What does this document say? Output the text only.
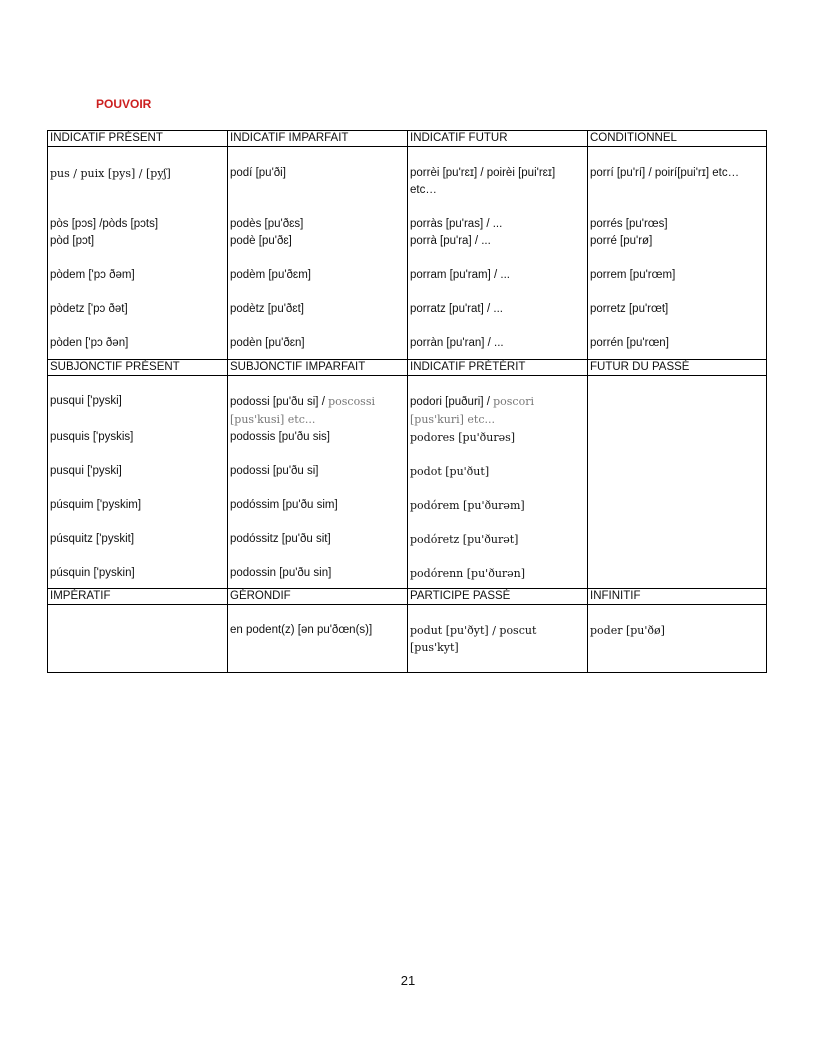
POUVOIR
INDICATIF PRÉSENT	INDICATIF IMPARFAIT	INDICATIF FUTUR	CONDITIONNEL
pus / puix [pys] / [pyʃ]	podí [pu'ði]	porrèi [pu'rɛɪ] / poirèi [pui'rɛɪ] etc…	porrí [pu'rí] / poirí[pui'rɪ] etc…
pòs [pɔs] /pòds [pɔts]	podès [pu'ðɛs]	porràs [pu'ras] / ...	porrés [pu'rœs]
pòd [pɔt]	podè [pu'ðɛ]	porrà [pu'ra] / ...	porré [pu'rø]
pòdem ['pɔ ðəm]	podèm [pu'ðɛm]	porram [pu'ram] / ...	porrem [pu'rœm]
pòdetz ['pɔ ðət]	podètz [pu'ðɛt]	porratz [pu'rat] / ...	porretz [pu'rœt]
pòden ['pɔ ðən]	podèn [pu'ðɛn]	porràn [pu'ran] / ...	porrén [pu'rœn]
SUBJONCTIF PRÉSENT	SUBJONCTIF IMPARFAIT	INDICATIF PRÉTÉRIT	FUTUR DU PASSÉ
pusqui ['pyski]	podossi [pu'ðu si] / poscossi [pus'kusi] etc...	podori [puðuri] / poscori [pus'kuri] etc...	
pusquis ['pyskis]	podossis [pu'ðu sis]	podores [pu'ðurəs]	
pusqui ['pyski]	podossi [pu'ðu si]	podot [pu'ðut]	
púsquim ['pyskim]	podóssim [pu'ðu sim]	podórem [pu'ðurəm]	
púsquitz ['pyskit]	podóssitz [pu'ðu sit]	podóretz [pu'ðurət]	
púsquin ['pyskin]	podossin [pu'ðu sin]	podórenn [pu'ðurən]	
IMPÉRATIF	GÉRONDIF	PARTICIPE PASSÉ	INFINITIF
	en podent(z) [ən pu'ðœn(s)]	podut [pu'ðyt] / poscut [pus'kyt]	poder [pu'ðø]
21
